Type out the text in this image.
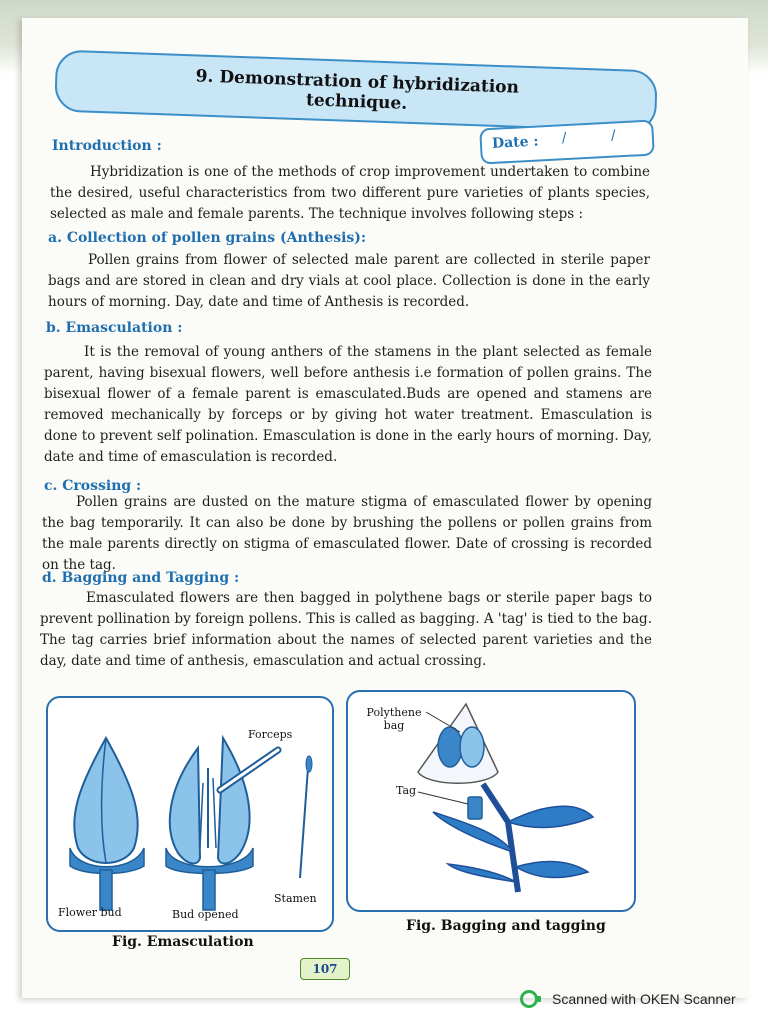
9. Demonstration of hybridization technique.
Date : / /
Introduction :
Hybridization is one of the methods of crop improvement undertaken to combine the desired, useful characteristics from two different pure varieties of plants species, selected as male and female parents. The technique involves following steps :
a. Collection of pollen grains (Anthesis):
Pollen grains from flower of selected male parent are collected in sterile paper bags and are stored in clean and dry vials at cool place. Collection is done in the early hours of morning. Day, date and time of Anthesis is recorded.
b. Emasculation :
It is the removal of young anthers of the stamens in the plant selected as female parent, having bisexual flowers, well before anthesis i.e formation of pollen grains. The bisexual flower of a female parent is emasculated.Buds are opened and stamens are removed mechanically by forceps or by giving hot water treatment. Emasculation is done to prevent self polination. Emasculation is done in the early hours of morning. Day, date and time of emasculation is recorded.
c. Crossing :
Pollen grains are dusted on the mature stigma of emasculated flower by opening the bag temporarily. It can also be done by brushing the pollens or pollen grains from the male parents directly on stigma of emasculated flower. Date of crossing is recorded on the tag.
d. Bagging and Tagging :
Emasculated flowers are then bagged in polythene bags or sterile paper bags to prevent pollination by foreign pollens. This is called as bagging. A 'tag' is tied to the bag. The tag carries brief information about the names of selected parent varieties and the day, date and time of anthesis, emasculation and actual crossing.
Forceps
Flower bud	Bud opened
Stamen
Fig. Emasculation
Polythene bag
Tag
Fig. Bagging and tagging
107
Scanned with OKEN Scanner
